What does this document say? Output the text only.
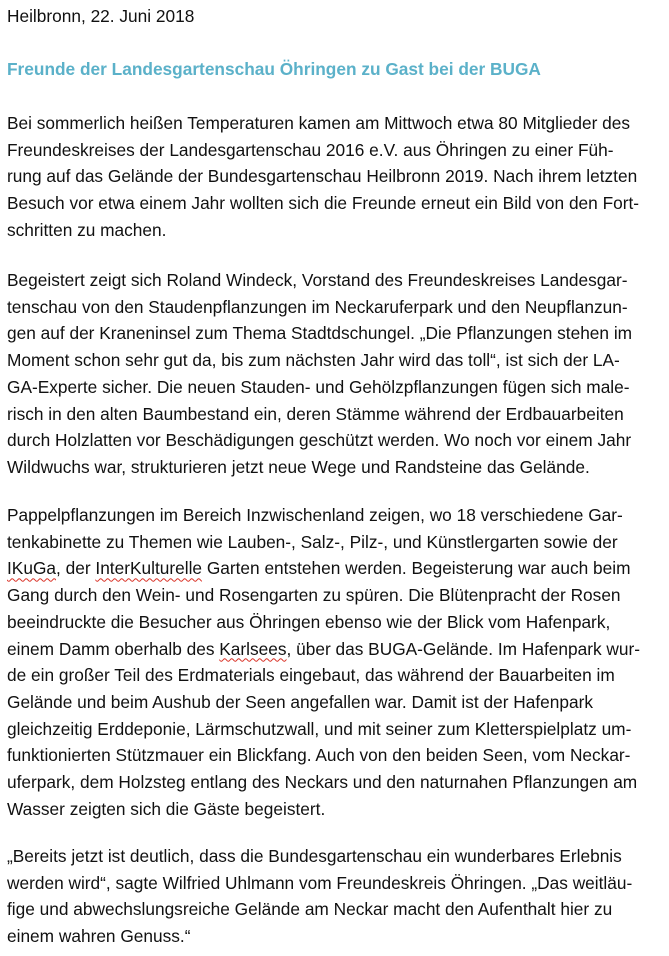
Heilbronn, 22. Juni 2018
Freunde der Landesgartenschau Öhringen zu Gast bei der BUGA
Bei sommerlich heißen Temperaturen kamen am Mittwoch etwa 80 Mitglieder des
Freundeskreises der Landesgartenschau 2016 e.V. aus Öhringen zu einer Füh-
rung auf das Gelände der Bundesgartenschau Heilbronn 2019. Nach ihrem letzten
Besuch vor etwa einem Jahr wollten sich die Freunde erneut ein Bild von den Fort-
schritten zu machen.
Begeistert zeigt sich Roland Windeck, Vorstand des Freundeskreises Landesgar-
tenschau von den Staudenpflanzungen im Neckaruferpark und den Neupflanzun-
gen auf der Kraneninsel zum Thema Stadtdschungel. „Die Pflanzungen stehen im
Moment schon sehr gut da, bis zum nächsten Jahr wird das toll“, ist sich der LA-
GA-Experte sicher. Die neuen Stauden- und Gehölzpflanzungen fügen sich male-
risch in den alten Baumbestand ein, deren Stämme während der Erdbauarbeiten
durch Holzlatten vor Beschädigungen geschützt werden. Wo noch vor einem Jahr
Wildwuchs war, strukturieren jetzt neue Wege und Randsteine das Gelände.
Pappelpflanzungen im Bereich Inzwischenland zeigen, wo 18 verschiedene Gar-
tenkabinette zu Themen wie Lauben-, Salz-, Pilz-, und Künstlergarten sowie der
IKuGa, der InterKulturelle Garten entstehen werden. Begeisterung war auch beim
Gang durch den Wein- und Rosengarten zu spüren. Die Blütenpracht der Rosen
beeindruckte die Besucher aus Öhringen ebenso wie der Blick vom Hafenpark,
einem Damm oberhalb des Karlsees, über das BUGA-Gelände. Im Hafenpark wur-
de ein großer Teil des Erdmaterials eingebaut, das während der Bauarbeiten im
Gelände und beim Aushub der Seen angefallen war. Damit ist der Hafenpark
gleichzeitig Erddeponie, Lärmschutzwall, und mit seiner zum Kletterspielplatz um-
funktionierten Stützmauer ein Blickfang. Auch von den beiden Seen, vom Neckar-
uferpark, dem Holzsteg entlang des Neckars und den naturnahen Pflanzungen am
Wasser zeigten sich die Gäste begeistert.
„Bereits jetzt ist deutlich, dass die Bundesgartenschau ein wunderbares Erlebnis
werden wird“, sagte Wilfried Uhlmann vom Freundeskreis Öhringen. „Das weitläu-
fige und abwechslungsreiche Gelände am Neckar macht den Aufenthalt hier zu
einem wahren Genuss.“
